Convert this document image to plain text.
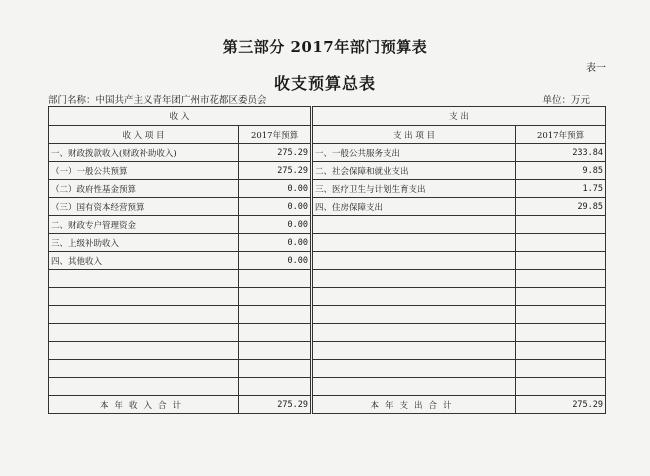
第三部分 2017年部门预算表
表一
收支预算总表
部门名称：中国共产主义青年团广州市花都区委员会	单位：万元
收 入		支 出	
收 入 项 目	2017年预算	支 出 项 目	2017年预算
一、财政拨款收入(财政补助收入)	275.29	一、一般公共服务支出	233.84
（一）一般公共预算	275.29	二、社会保障和就业支出	9.85
（二）政府性基金预算	0.00	三、医疗卫生与计划生育支出	1.75
（三）国有资本经营预算	0.00	四、住房保障支出	29.85
二、财政专户管理资金	0.00		
三、上级补助收入	0.00		
四、其他收入	0.00		

本年收入合计	275.29	本年支出合计	275.29
